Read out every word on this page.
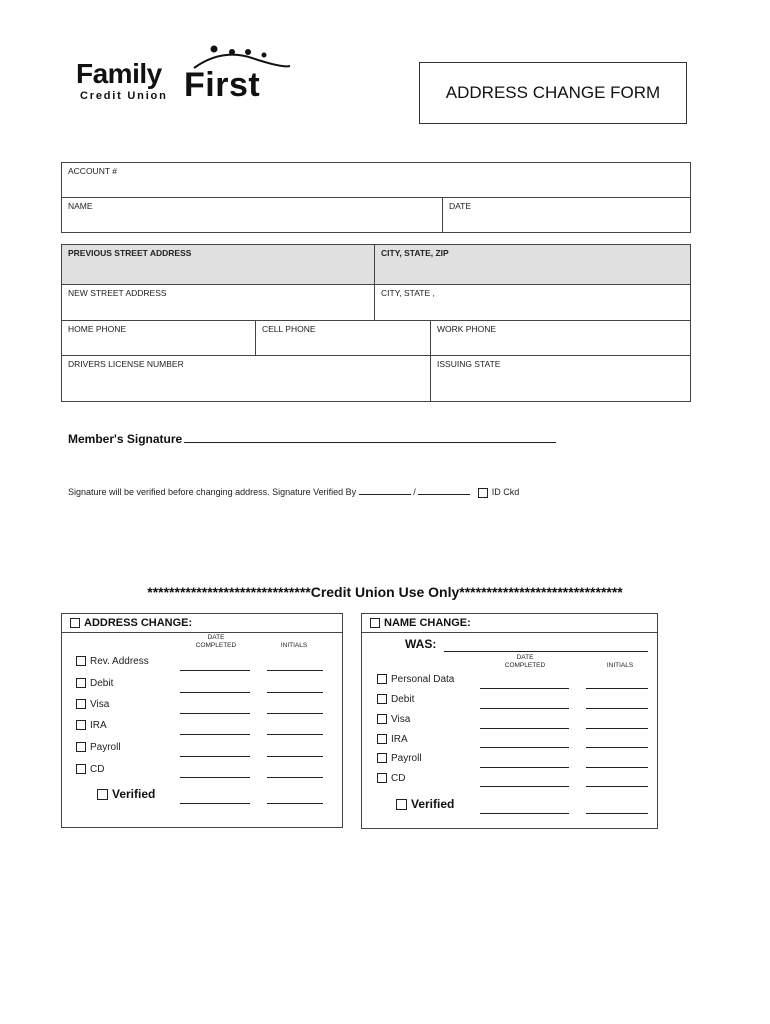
Family First
Credit Union	ADDRESS CHANGE FORM
ACCOUNT #
NAME	DATE
PREVIOUS STREET ADDRESS	CITY, STATE, ZIP
NEW STREET ADDRESS	CITY, STATE ,
HOME PHONE	CELL PHONE	WORK PHONE
DRIVERS LICENSE NUMBER	ISSUING STATE
Member's Signature
Signature will be verified before changing address. Signature Verified By	/	ID Ckd
******************************Credit Union Use Only******************************
ADDRESS CHANGE:
DATE
COMPLETED	INITIALS
Rev. Address
Debit
Visa
IRA
Payroll
CD
Verified
NAME CHANGE:
WAS:
DATE
COMPLETED	INITIALS
Personal Data
Debit
Visa
IRA
Payroll
CD
Verified
